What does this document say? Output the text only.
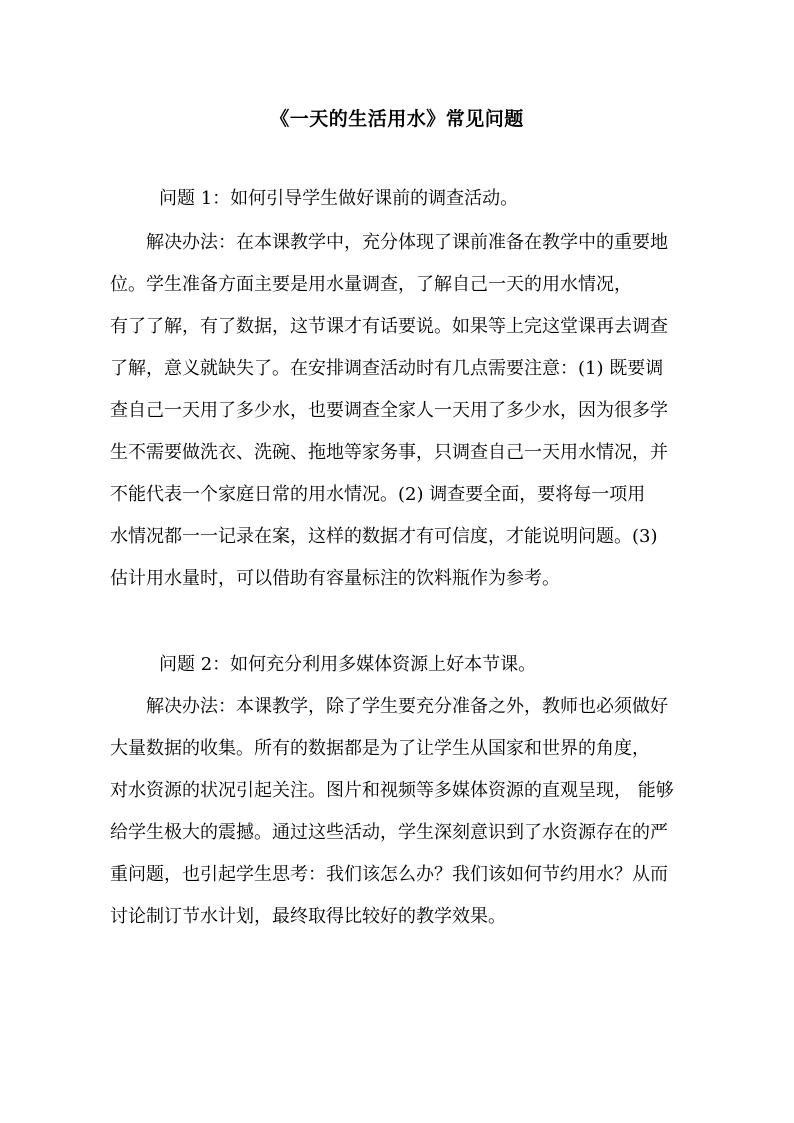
《一天的生活用水》常见问题
问题 1：如何引导学生做好课前的调查活动。
解决办法：在本课教学中，充分体现了课前准备在教学中的重要地
位。学生准备方面主要是用水量调查，了解自己一天的用水情况，
有了了解，有了数据，这节课才有话要说。如果等上完这堂课再去调查
了解，意义就缺失了。在安排调查活动时有几点需要注意：(1) 既要调
查自己一天用了多少水，也要调查全家人一天用了多少水，因为很多学
生不需要做洗衣、洗碗、拖地等家务事，只调查自己一天用水情况，并
不能代表一个家庭日常的用水情况。(2) 调查要全面，要将每一项用
水情况都一一记录在案，这样的数据才有可信度，才能说明问题。(3)
估计用水量时，可以借助有容量标注的饮料瓶作为参考。
问题 2：如何充分利用多媒体资源上好本节课。
解决办法：本课教学，除了学生要充分准备之外，教师也必须做好
大量数据的收集。所有的数据都是为了让学生从国家和世界的角度，
对水资源的状况引起关注。图片和视频等多媒体资源的直观呈现， 能够
给学生极大的震撼。通过这些活动，学生深刻意识到了水资源存在的严
重问题，也引起学生思考：我们该怎么办？我们该如何节约用水？从而
讨论制订节水计划，最终取得比较好的教学效果。
